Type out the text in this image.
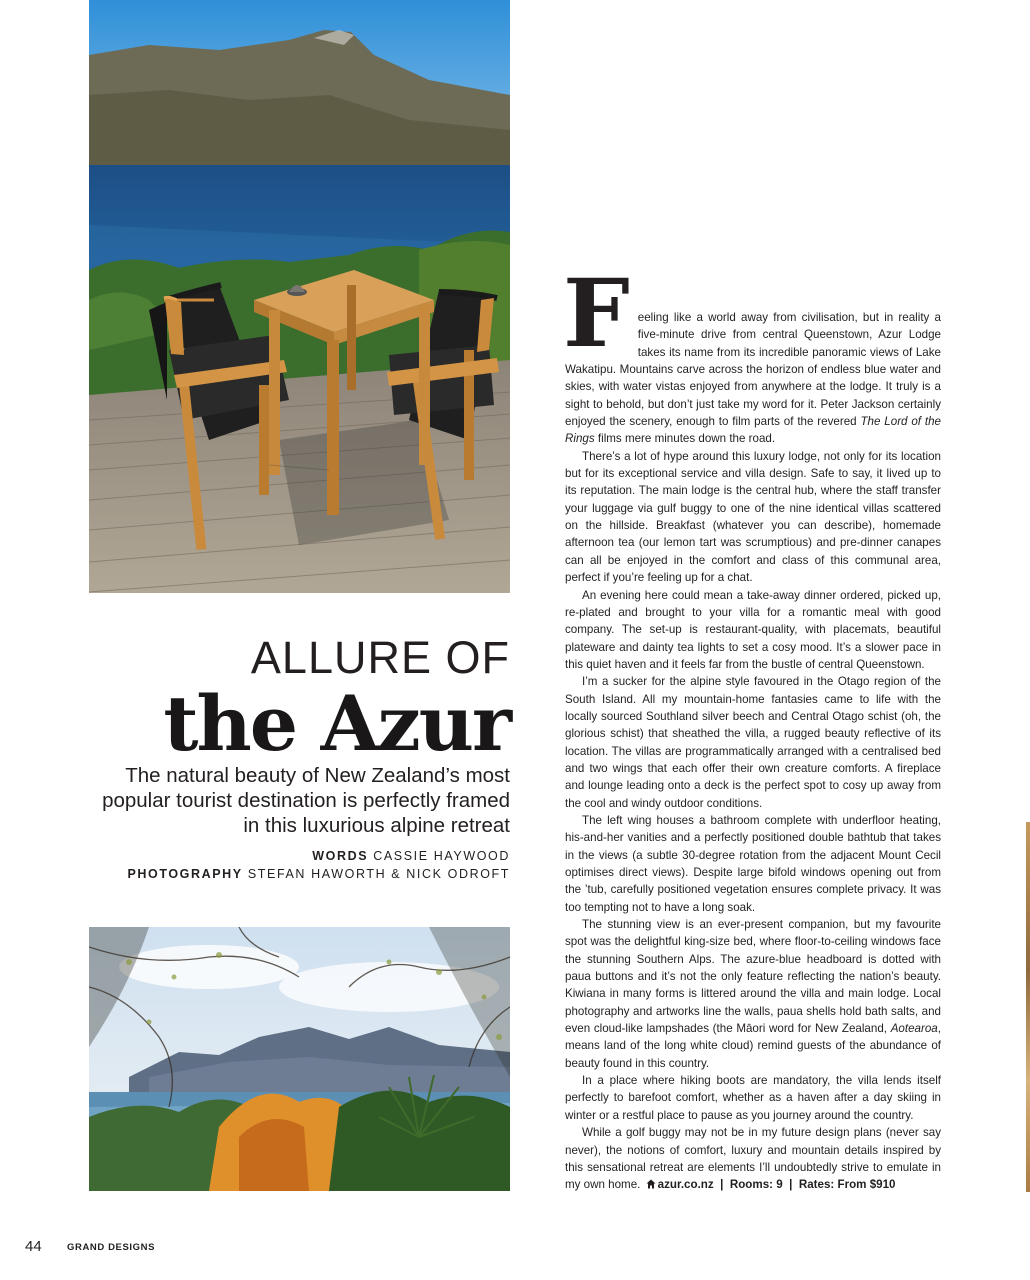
ALLURE OF
the Azur
The natural beauty of New Zealand’s most popular tourist destination is perfectly framed in this luxurious alpine retreat
WORDS CASSIE HAYWOOD
PHOTOGRAPHY STEFAN HAWORTH & NICK ODROFT
F eeling like a world away from civilisation, but in reality a five-minute drive from central Queenstown, Azur Lodge takes its name from its incredible panoramic views of Lake Wakatipu. Mountains carve across the horizon of endless blue water and skies, with water vistas enjoyed from anywhere at the lodge. It truly is a sight to behold, but don’t just take my word for it. Peter Jackson certainly enjoyed the scenery, enough to film parts of the revered The Lord of the Rings films mere minutes down the road.

There’s a lot of hype around this luxury lodge, not only for its location but for its exceptional service and villa design. Safe to say, it lived up to its reputation. The main lodge is the central hub, where the staff transfer your luggage via gulf buggy to one of the nine identical villas scattered on the hillside. Breakfast (whatever you can describe), homemade afternoon tea (our lemon tart was scrumptious) and pre-dinner canapes can all be enjoyed in the comfort and class of this communal area, perfect if you’re feeling up for a chat.

An evening here could mean a take-away dinner ordered, picked up, re-plated and brought to your villa for a romantic meal with good company. The set-up is restaurant-quality, with placemats, beautiful plateware and dainty tea lights to set a cosy mood. It’s a slower pace in this quiet haven and it feels far from the bustle of central Queenstown.

I’m a sucker for the alpine style favoured in the Otago region of the South Island. All my mountain-home fantasies came to life with the locally sourced Southland silver beech and Central Otago schist (oh, the glorious schist) that sheathed the villa, a rugged beauty reflective of its location. The villas are programmatically arranged with a centralised bed and two wings that each offer their own creature comforts. A fireplace and lounge leading onto a deck is the perfect spot to cosy up away from the cool and windy outdoor conditions.

The left wing houses a bathroom complete with underfloor heating, his-and-her vanities and a perfectly positioned double bathtub that takes in the views (a subtle 30-degree rotation from the adjacent Mount Cecil optimises direct views). Despite large bifold windows opening out from the ’tub, carefully positioned vegetation ensures complete privacy. It was too tempting not to have a long soak.

The stunning view is an ever-present companion, but my favourite spot was the delightful king-size bed, where floor-to-ceiling windows face the stunning Southern Alps. The azure-blue headboard is dotted with paua buttons and it’s not the only feature reflecting the nation’s beauty. Kiwiana in many forms is littered around the villa and main lodge. Local photography and artworks line the walls, paua shells hold bath salts, and even cloud-like lampshades (the Māori word for New Zealand, Aotearoa, means land of the long white cloud) remind guests of the abundance of beauty found in this country.

In a place where hiking boots are mandatory, the villa lends itself perfectly to barefoot comfort, whether as a haven after a day skiing in winter or a restful place to pause as you journey around the country.

While a golf buggy may not be in my future design plans (never say never), the notions of comfort, luxury and mountain details inspired by this sensational retreat are elements I’ll undoubtedly strive to emulate in my own home. azur.co.nz | Rooms: 9 | Rates: From $910

44	GRAND DESIGNS
